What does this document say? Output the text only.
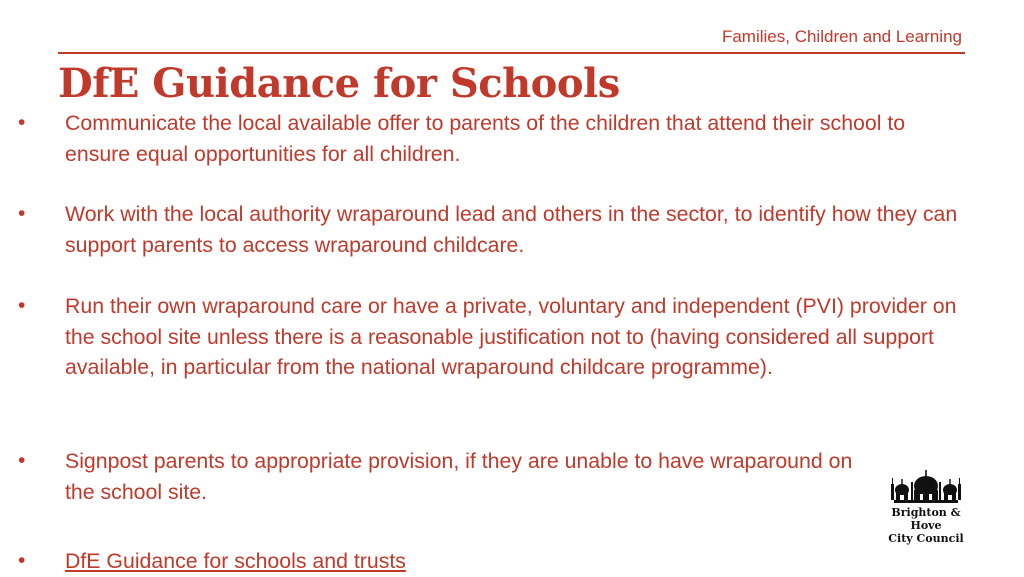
Families, Children and Learning
DfE Guidance for Schools
• Communicate the local available offer to parents of the children that attend their school to ensure equal opportunities for all children.
• Work with the local authority wraparound lead and others in the sector, to identify how they can support parents to access wraparound childcare.
• Run their own wraparound care or have a private, voluntary and independent (PVI) provider on the school site unless there is a reasonable justification not to (having considered all support available, in particular from the national wraparound childcare programme).
• Signpost parents to appropriate provision, if they are unable to have wraparound on the school site.
• DfE Guidance for schools and trusts
Brighton & Hove
City Council
